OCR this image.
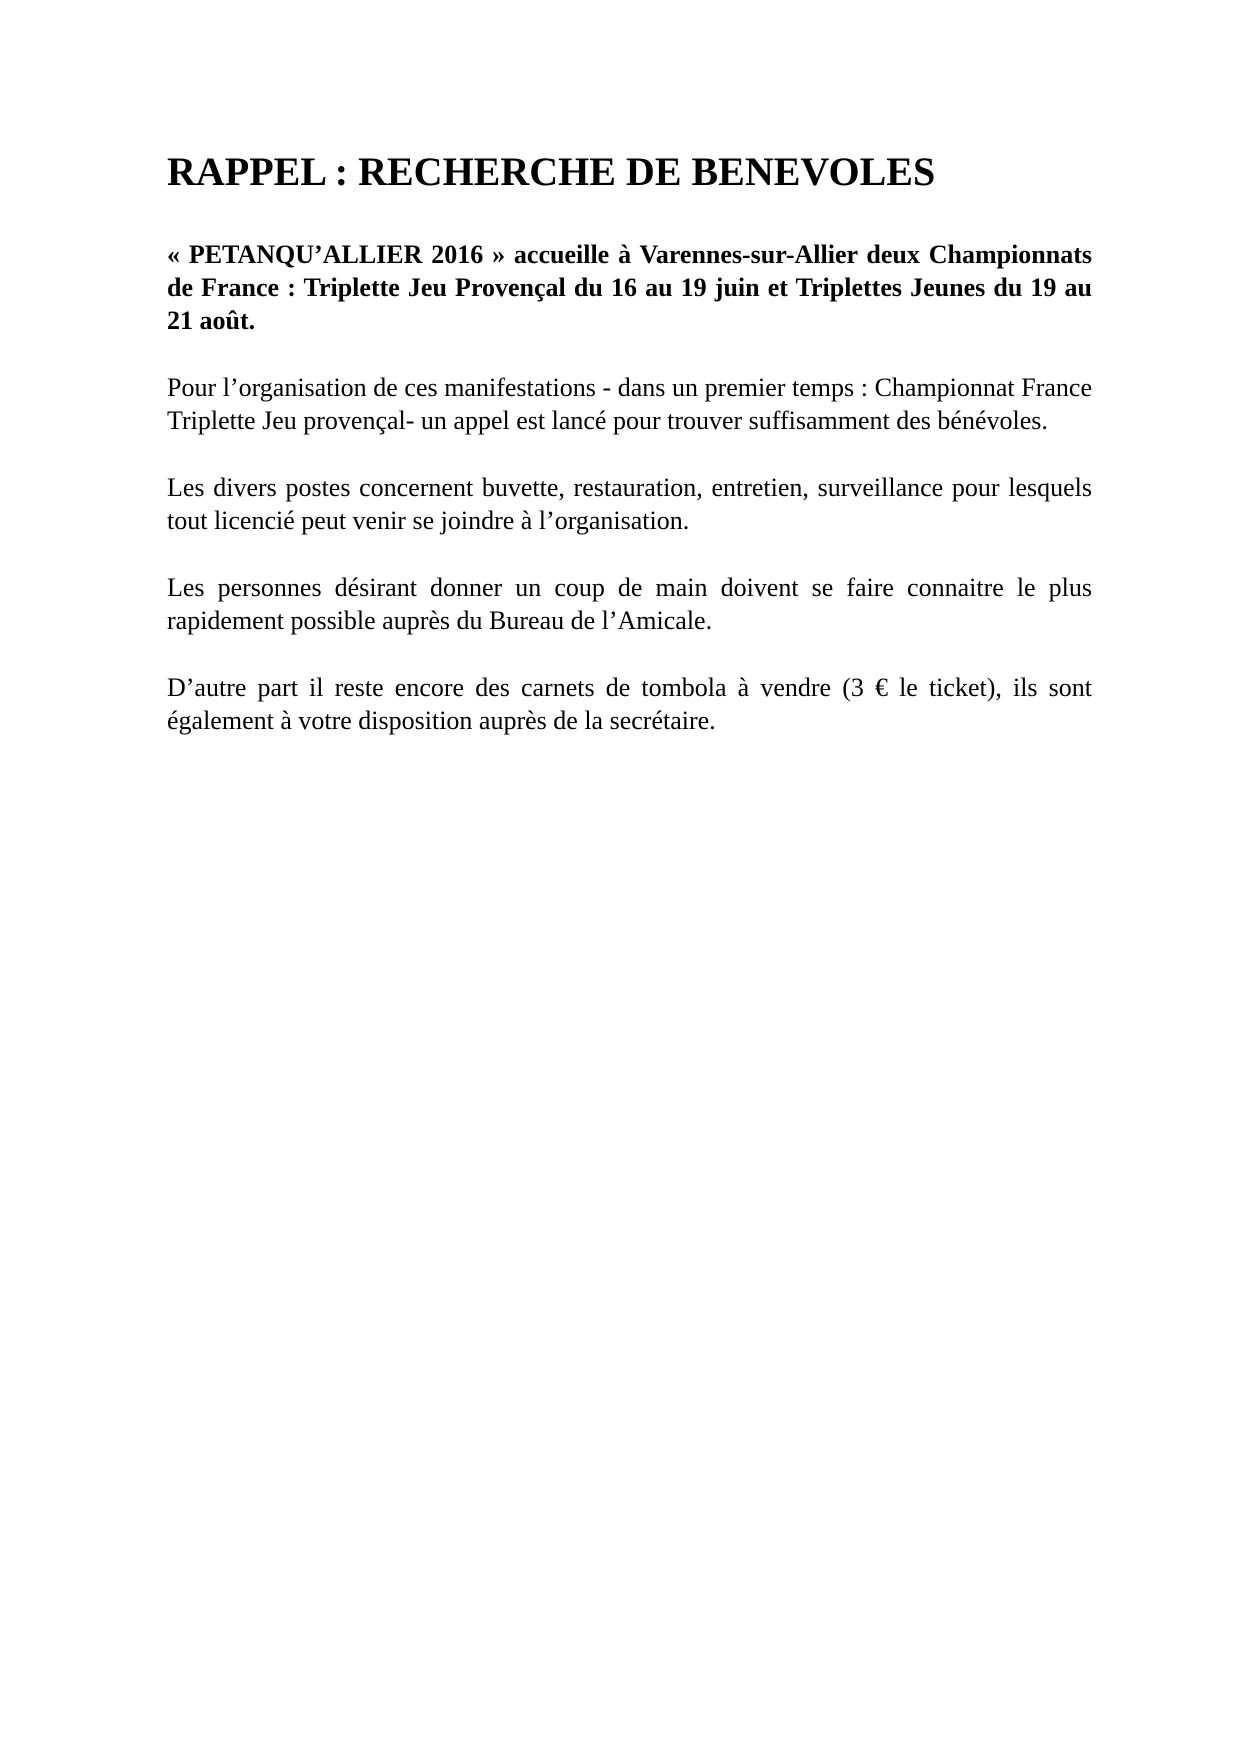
RAPPEL : RECHERCHE DE BENEVOLES

« PETANQU’ALLIER 2016 » accueille à Varennes-sur-Allier deux Championnats de France : Triplette Jeu Provençal du 16 au 19 juin et Triplettes Jeunes du 19 au 21 août.

Pour l’organisation de ces manifestations - dans un premier temps : Championnat France Triplette Jeu provençal- un appel est lancé pour trouver suffisamment des bénévoles.

Les divers postes concernent buvette, restauration, entretien, surveillance pour lesquels tout licencié peut venir se joindre à l’organisation.

Les personnes désirant donner un coup de main doivent se faire connaitre le plus rapidement possible auprès du Bureau de l’Amicale.

D’autre part il reste encore des carnets de tombola à vendre (3 € le ticket), ils sont également à votre disposition auprès de la secrétaire.
